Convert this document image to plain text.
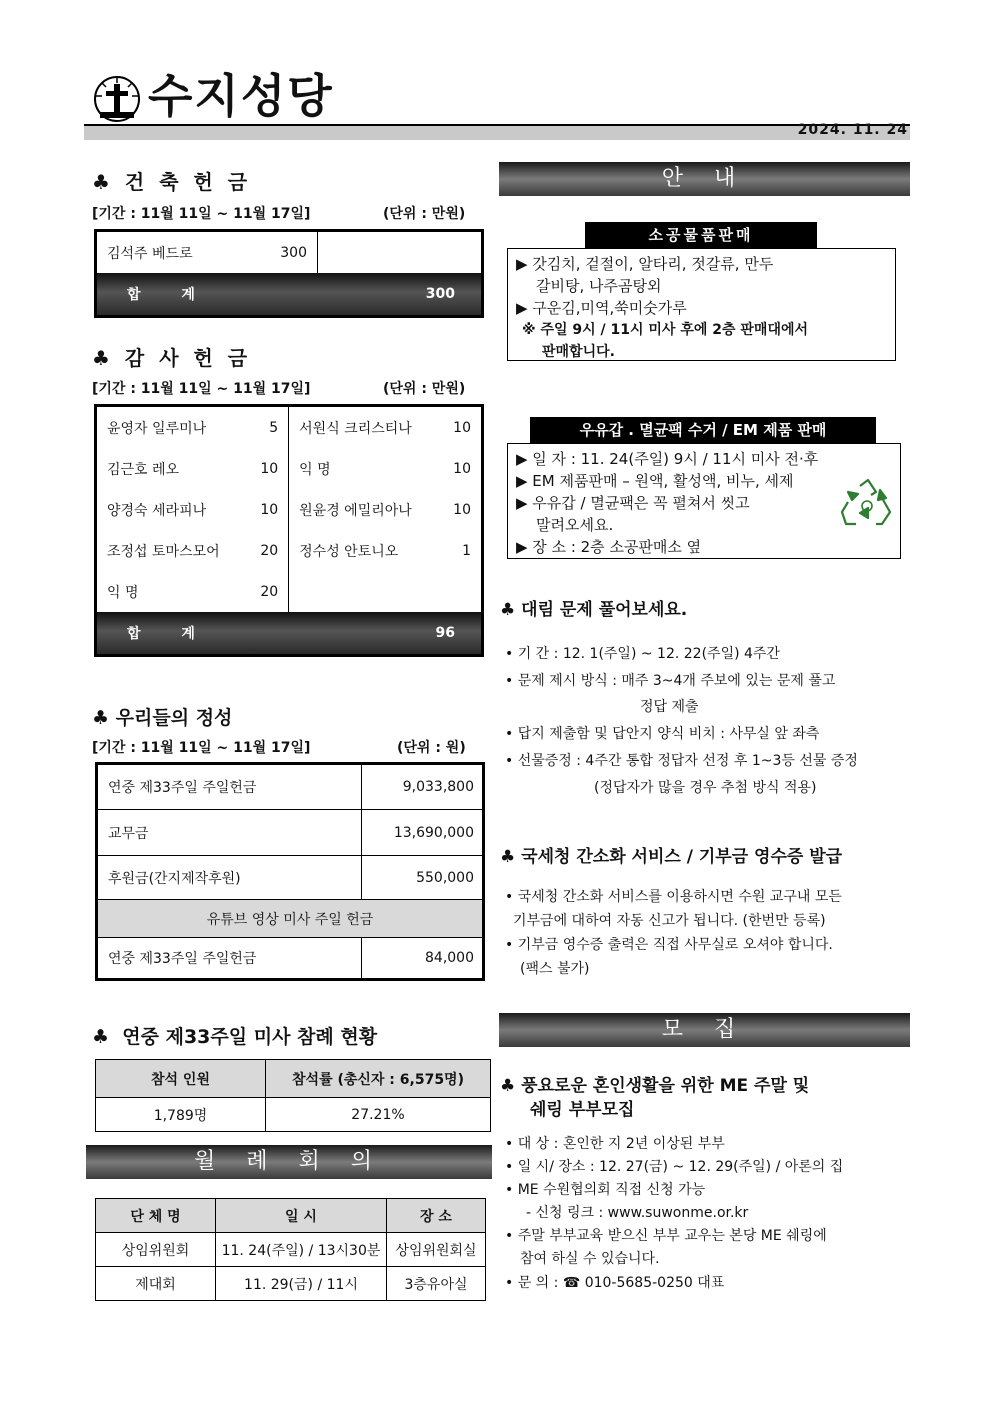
수지성당
2024. 11. 24
♣ 건 축 헌 금
[기간 : 11월 11일 ~ 11월 17일]	(단위 : 만원)
김석주 베드로	300	
합 계		300
♣ 감 사 헌 금
[기간 : 11월 11일 ~ 11월 17일]	(단위 : 만원)
윤영자 일루미나	5	서원식 크리스티나	10
김근호 레오	10	익 명	10
양경숙 세라피나	10	원윤경 에밀리아나	10
조정섭 토마스모어	20	정수성 안토니오	1
익 명	20		
합 계			96
♣ 우리들의 정성
[기간 : 11월 11일 ~ 11월 17일]	(단위 : 원)
연중 제33주일 주일헌금	9,033,800
교무금	13,690,000
후원금(간지제작후원)	550,000
유튜브 영상 미사 주일 헌금	
연중 제33주일 주일헌금	84,000
♣ 연중 제33주일 미사 참례 현황
참석 인원	참석률 (총신자 : 6,575명)
1,789명	27.21%
월 례 회 의
단 체 명	일 시	장 소
상임위원회	11. 24(주일) / 13시30분	상임위원회실
제대회	11. 29(금) / 11시	3층유아실
안 내
소공물품판매
▶ 갓김치, 겉절이, 알타리, 젓갈류, 만두
갈비탕, 나주곰탕외
▶ 구운김,미역,쑥미숫가루
※ 주일 9시 / 11시 미사 후에 2층 판매대에서
판매합니다.
우유갑 . 멸균팩 수거 / EM 제품 판매
▶ 일 자 : 11. 24(주일) 9시 / 11시 미사 전·후
▶ EM 제품판매 – 원액, 활성액, 비누, 세제
▶ 우유갑 / 멸균팩은 꼭 펼쳐서 씻고
말려오세요.
▶ 장 소 : 2층 소공판매소 옆
♣ 대림 문제 풀어보세요.
• 기 간 : 12. 1(주일) ~ 12. 22(주일) 4주간
• 문제 제시 방식 : 매주 3~4개 주보에 있는 문제 풀고
정답 제출
• 답지 제출함 및 답안지 양식 비치 : 사무실 앞 좌측
• 선물증정 : 4주간 통합 정답자 선정 후 1~3등 선물 증정
(정답자가 많을 경우 추첨 방식 적용)
♣ 국세청 간소화 서비스 / 기부금 영수증 발급
• 국세청 간소화 서비스를 이용하시면 수원 교구내 모든
기부금에 대하여 자동 신고가 됩니다. (한번만 등록)
• 기부금 영수증 출력은 직접 사무실로 오셔야 합니다.
(팩스 불가)
모 집
♣ 풍요로운 혼인생활을 위한 ME 주말 및
쉐링 부부모집
• 대 상 : 혼인한 지 2년 이상된 부부
• 일 시/ 장소 : 12. 27(금) ~ 12. 29(주일) / 아론의 집
• ME 수원협의회 직접 신청 가능
- 신청 링크 : www.suwonme.or.kr
• 주말 부부교육 받으신 부부 교우는 본당 ME 쉐링에
참여 하실 수 있습니다.
• 문 의 : ☎ 010-5685-0250 대표
